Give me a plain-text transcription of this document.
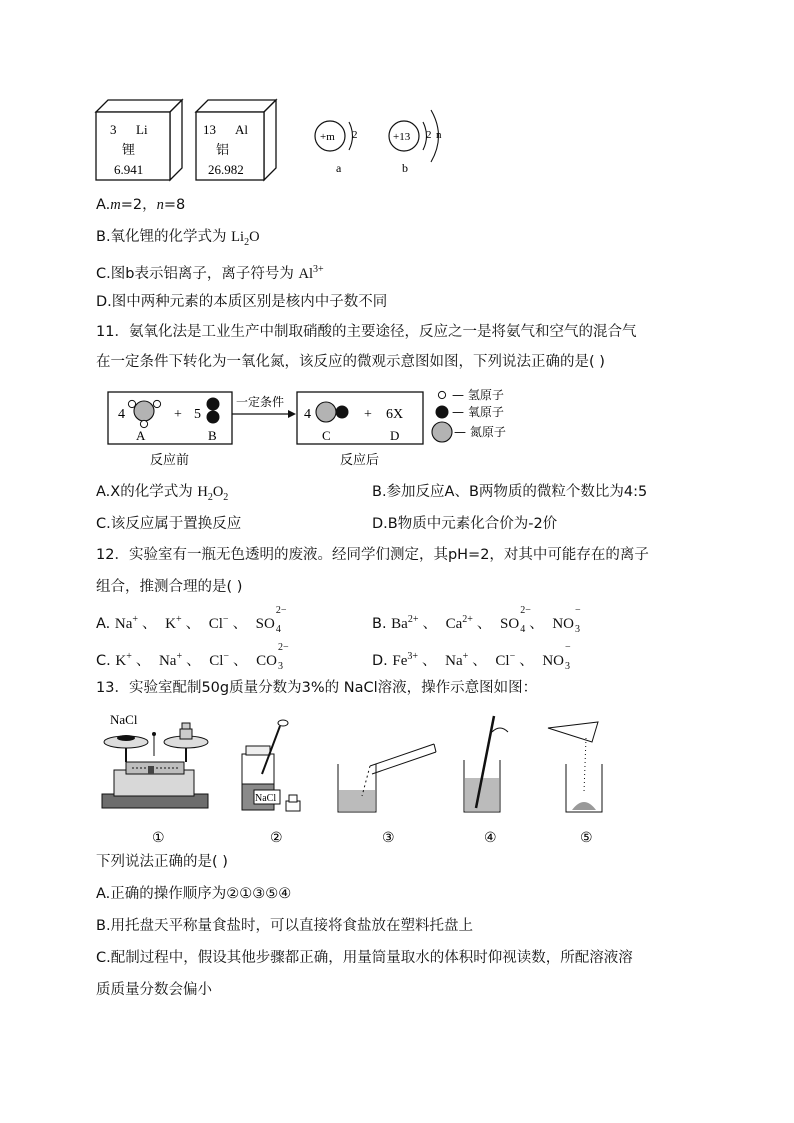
3 Li
锂
6.941
13 Al
铝
26.982
+m 2
a
+13 2 n
b
A.m=2，n=8
B.氧化锂的化学式为 $Li_2O$
C.图b表示铝离子，离子符号为 $Al^{3+}$
D.图中两种元素的本质区别是核内中子数不同
11．氨氧化法是工业生产中制取硝酸的主要途径，反应之一是将氨气和空气的混合气
在一定条件下转化为一氧化氮，该反应的微观示意图如图，下列说法正确的是( )
4
A
+ 5
B
一定条件
4
C
+ 6X
D
反应前	反应后
— 氢原子
— 氧原子
— 氮原子
A.X的化学式为 $H_2O_2$	B.参加反应A、B两物质的微粒个数比为4:5
C.该反应属于置换反应	D.B物质中元素化合价为-2价
12．实验室有一瓶无色透明的废液。经同学们测定，其pH=2，对其中可能存在的离子
组合，推测合理的是( )
A. Na+ 、 K+ 、 Cl− 、 SO
2−
$_4$	B. $Ba^{2+}$ 、 $Ca^{2+}$ 、 SO
2−
$_4$ 、 NO
−
$_3$
C. K+ 、 Na+ 、 Cl− 、 CO
2−
$_3$	D. $Fe^{3+}$ 、 Na+ 、 Cl− 、 NO
−
$_3$
13．实验室配制50g质量分数为3%的 NaCl溶液，操作示意图如图：
NaCl
①
NaCl
②	③	④	⑤
下列说法正确的是( )
A.正确的操作顺序为②①③⑤④
B.用托盘天平称量食盐时，可以直接将食盐放在塑料托盘上
C.配制过程中，假设其他步骤都正确，用量筒量取水的体积时仰视读数，所配溶液溶
质质量分数会偏小
